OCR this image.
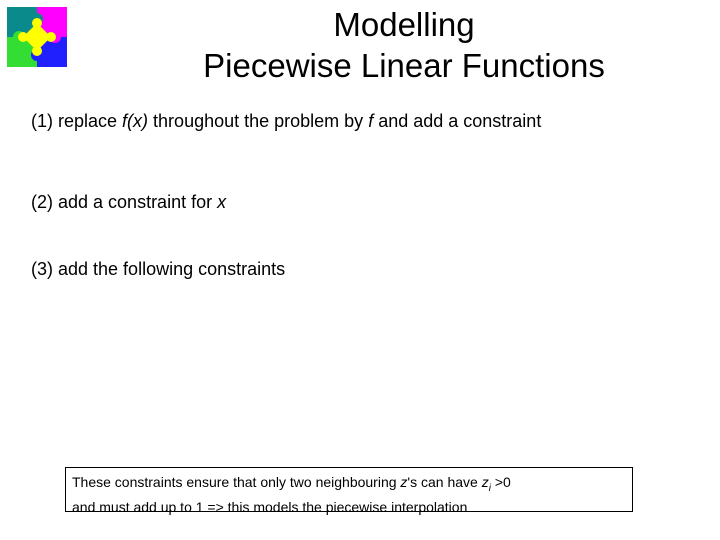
Modelling
Piecewise Linear Functions
(1) replace f(x) throughout the problem by f and add a constraint
(2) add a constraint for x
(3) add the following constraints
These constraints ensure that only two neighbouring z's can have $z_i >0$
and must add up to 1 => this models the piecewise interpolation
